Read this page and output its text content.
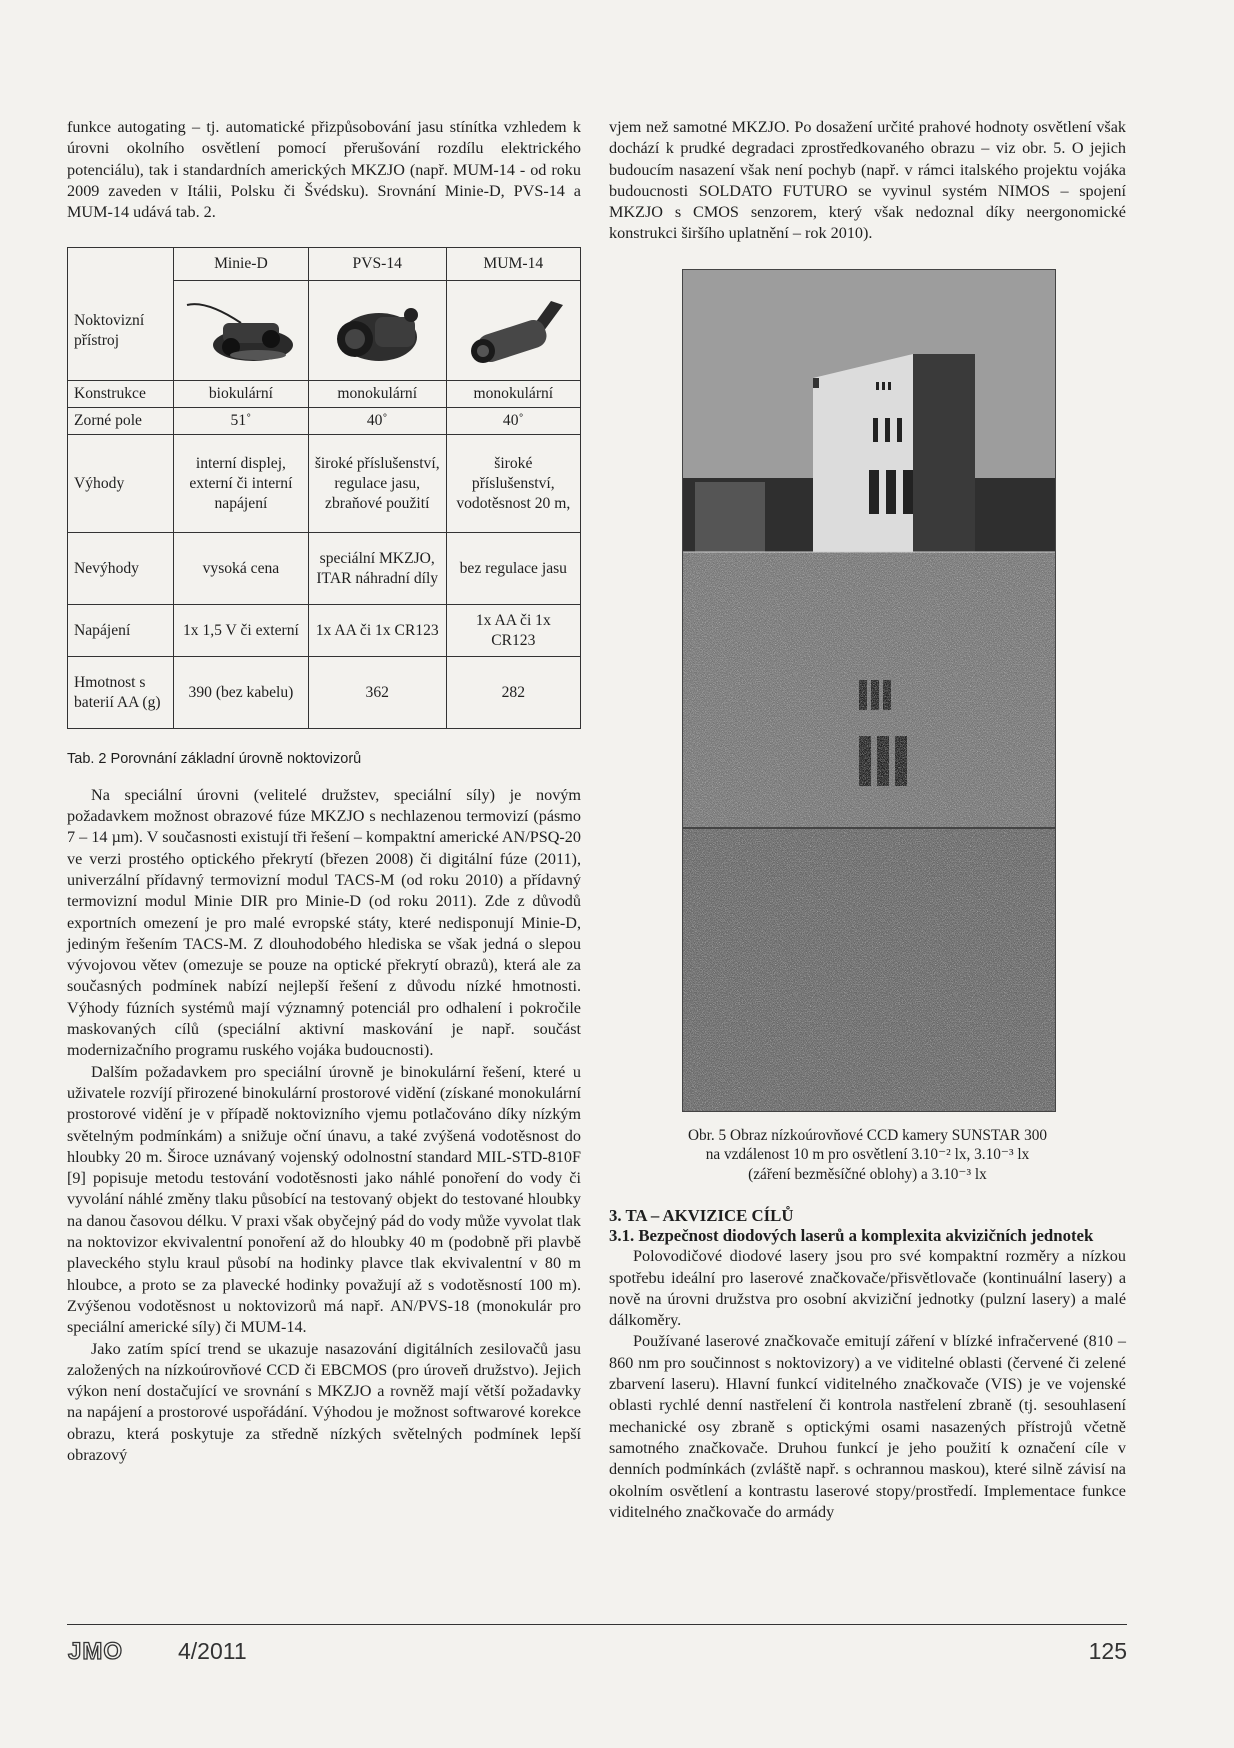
funkce autogating – tj. automatické přizpůsobování jasu stínítka vzhledem k úrovni okolního osvětlení pomocí přerušování rozdílu elektrického potenciálu), tak i standardních amerických MKZJO (např. MUM-14 - od roku 2009 zaveden v Itálii, Polsku či Švédsku). Srovnání Minie-D, PVS-14 a MUM-14 udává tab. 2.

	Minie-D	PVS-14	MUM-14
Noktovizní přístroj	

Konstrukce	biokulární	monokulární	monokulární
Zorné pole	51˚	40˚	40˚
Výhody	interní displej, externí či interní napájení	široké příslušenství, regulace jasu, zbraňové použití	široké příslušenství, vodotěsnost 20 m,
Nevýhody	vysoká cena	speciální MKZJO, ITAR náhradní díly	bez regulace jasu
Napájení	1x 1,5 V či externí	1x AA či 1x CR123	1x AA či 1x CR123
Hmotnost s baterií AA (g)	390 (bez kabelu)	362	282
Tab. 2 Porovnání základní úrovně noktovizorů

Na speciální úrovni (velitelé družstev, speciální síly) je novým požadavkem možnost obrazové fúze MKZJO s nechlazenou termovizí (pásmo 7 – 14 µm). V současnosti existují tři řešení – kompaktní americké AN/PSQ-20 ve verzi prostého optického překrytí (březen 2008) či digitální fúze (2011), univerzální přídavný termovizní modul TACS-M (od roku 2010) a přídavný termovizní modul Minie DIR pro Minie-D (od roku 2011). Zde z důvodů exportních omezení je pro malé evropské státy, které nedisponují Minie-D, jediným řešením TACS-M. Z dlouhodobého hlediska se však jedná o slepou vývojovou větev (omezuje se pouze na optické překrytí obrazů), která ale za současných podmínek nabízí nejlepší řešení z důvodu nízké hmotnosti. Výhody fúzních systémů mají významný potenciál pro odhalení i pokročile maskovaných cílů (speciální aktivní maskování je např. součást modernizačního programu ruského vojáka budoucnosti).

Dalším požadavkem pro speciální úrovně je binokulární řešení, které u uživatele rozvíjí přirozené binokulární prostorové vidění (získané monokulární prostorové vidění je v případě noktovizního vjemu potlačováno díky nízkým světelným podmínkám) a snižuje oční únavu, a také zvýšená vodotěsnost do hloubky 20 m. Široce uznávaný vojenský odolnostní standard MIL-STD-810F [9] popisuje metodu testování vodotěsnosti jako náhlé ponoření do vody či vyvolání náhlé změny tlaku působící na testovaný objekt do testované hloubky na danou časovou délku. V praxi však obyčejný pád do vody může vyvolat tlak na noktovizor ekvivalentní ponoření až do hloubky 40 m (podobně při plavbě plaveckého stylu kraul působí na hodinky plavce tlak ekvivalentní v 80 m hloubce, a proto se za plavecké hodinky považují až s vodotěsností 100 m). Zvýšenou vodotěsnost u noktovizorů má např. AN/PVS-18 (monokulár pro speciální americké síly) či MUM-14.

Jako zatím spící trend se ukazuje nasazování digitálních zesilovačů jasu založených na nízkoúrovňové CCD či EBCMOS (pro úroveň družstvo). Jejich výkon není dostačující ve srovnání s MKZJO a rovněž mají větší požadavky na napájení a prostorové uspořádání. Výhodou je možnost softwarové korekce obrazu, která poskytuje za středně nízkých světelných podmínek lepší obrazový

vjem než samotné MKZJO. Po dosažení určité prahové hodnoty osvětlení však dochází k prudké degradaci zprostředkovaného obrazu – viz obr. 5. O jejich budoucím nasazení však není pochyb (např. v rámci italského projektu vojáka budoucnosti SOLDATO FUTURO se vyvinul systém NIMOS – spojení MKZJO s CMOS senzorem, který však nedoznal díky neergonomické konstrukci širšího uplatnění – rok 2010).

Obr. 5 Obraz nízkoúrovňové CCD kamery SUNSTAR 300
na vzdálenost 10 m pro osvětlení 3.10⁻² lx, 3.10⁻³ lx
(záření bezměsíčné oblohy) a 3.10⁻³ lx
3. TA – AKVIZICE CÍLŮ
3.1. Bezpečnost diodových laserů a komplexita akvizičních jednotek

Polovodičové diodové lasery jsou pro své kompaktní rozměry a nízkou spotřebu ideální pro laserové značkovače/přisvětlovače (kontinuální lasery) a nově na úrovni družstva pro osobní akviziční jednotky (pulzní lasery) a malé dálkoměry.

Používané laserové značkovače emitují záření v blízké infračervené (810 – 860 nm pro součinnost s noktovizory) a ve viditelné oblasti (červené či zelené zbarvení laseru). Hlavní funkcí viditelného značkovače (VIS) je ve vojenské oblasti rychlé denní nastřelení či kontrola nastřelení zbraně (tj. sesouhlasení mechanické osy zbraně s optickými osami nasazených přístrojů včetně samotného značkovače. Druhou funkcí je jeho použití k označení cíle v denních podmínkách (zvláště např. s ochrannou maskou), které silně závisí na okolním osvětlení a kontrastu laserové stopy/prostředí. Implementace funkce viditelného značkovače do armády

JMO 4/2011	125
